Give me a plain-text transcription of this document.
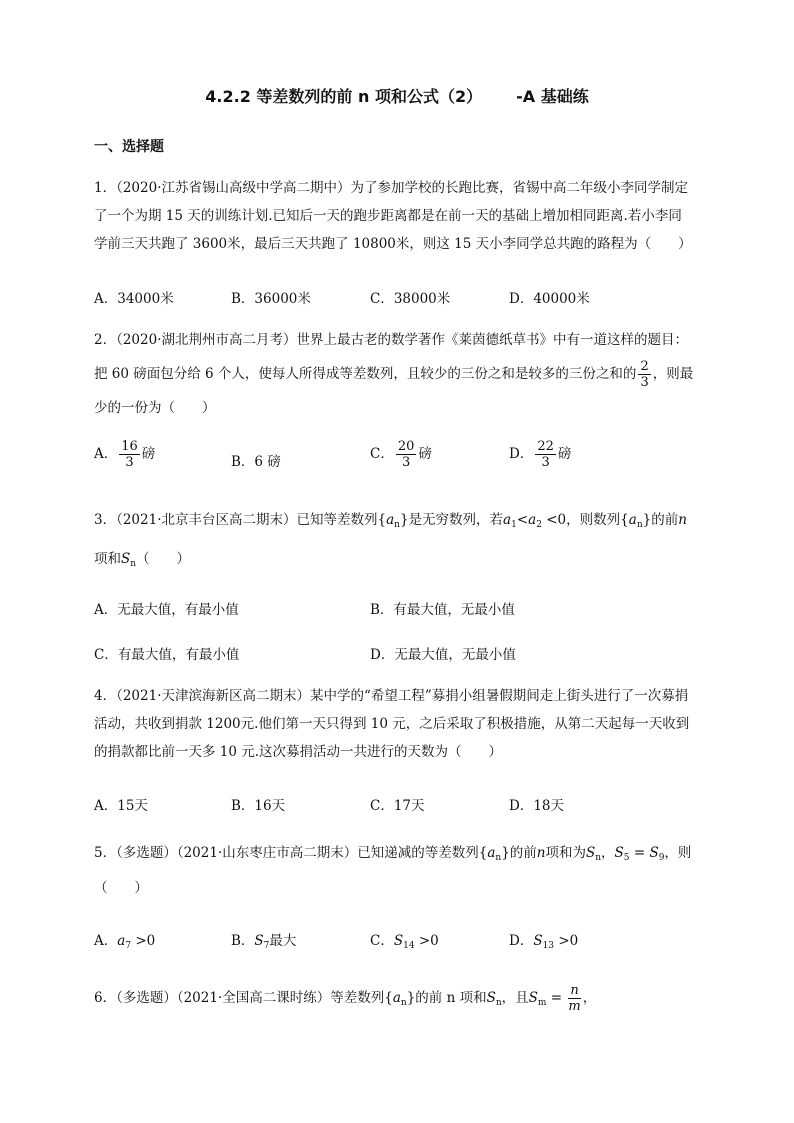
4.2.2 等差数列的前 n 项和公式（2） -A 基础练
一、选择题
1．（2020·江苏省锡山高级中学高二期中）为了参加学校的长跑比赛，省锡中高二年级小李同学制定
了一个为期 15 天的训练计划.已知后一天的跑步距离都是在前一天的基础上增加相同距离.若小李同
学前三天共跑了 3600米，最后三天共跑了 10800米，则这 15 天小李同学总共跑的路程为（　　）
A．34000米	B．36000米	C．38000米	D．40000米
2．（2020·湖北荆州市高二月考）世界上最古老的数学著作《莱茵德纸草书》中有一道这样的题目：
把 60 磅面包分给 6 个人，使每人所得成等差数列，且较少的三份之和是较多的三份之和的 $\frac{2}{3}$ ，则最
少的一份为（　　）
A． $\frac{16}{3}$ 磅	B．6 磅	C． $\frac{20}{3}$ 磅	D． $\frac{22}{3}$ 磅
3．（2021·北京丰台区高二期末）已知等差数列$\{a_n\}$是无穷数列，若$a_1<a_2 <0$，则数列$\{a_n\}$的前n
项和$S_n$（　　）
A．无最大值，有最小值	B．有最大值，无最小值
C．有最大值，有最小值	D．无最大值，无最小值
4．（2021·天津滨海新区高二期末）某中学的“希望工程”募捐小组暑假期间走上街头进行了一次募捐
活动，共收到捐款 1200元.他们第一天只得到 10 元，之后采取了积极措施，从第二天起每一天收到
的捐款都比前一天多 10 元.这次募捐活动一共进行的天数为（　　）
A．15天	B．16天	C．17天	D．18天
5．（多选题）（2021·山东枣庄市高二期末）已知递减的等差数列$\{a_n\}$的前n项和为$S_n$，$S_5 = S_9$，则
（　　）
A．$a_7 >0$	B．$S_7$最大	C．$S_{14} >0$	D．$S_{13} >0$
6．（多选题）（2021·全国高二课时练）等差数列$\{a_n\}$的前 n 项和$S_n$，且$S_m = \frac{n}{m}$ ，
